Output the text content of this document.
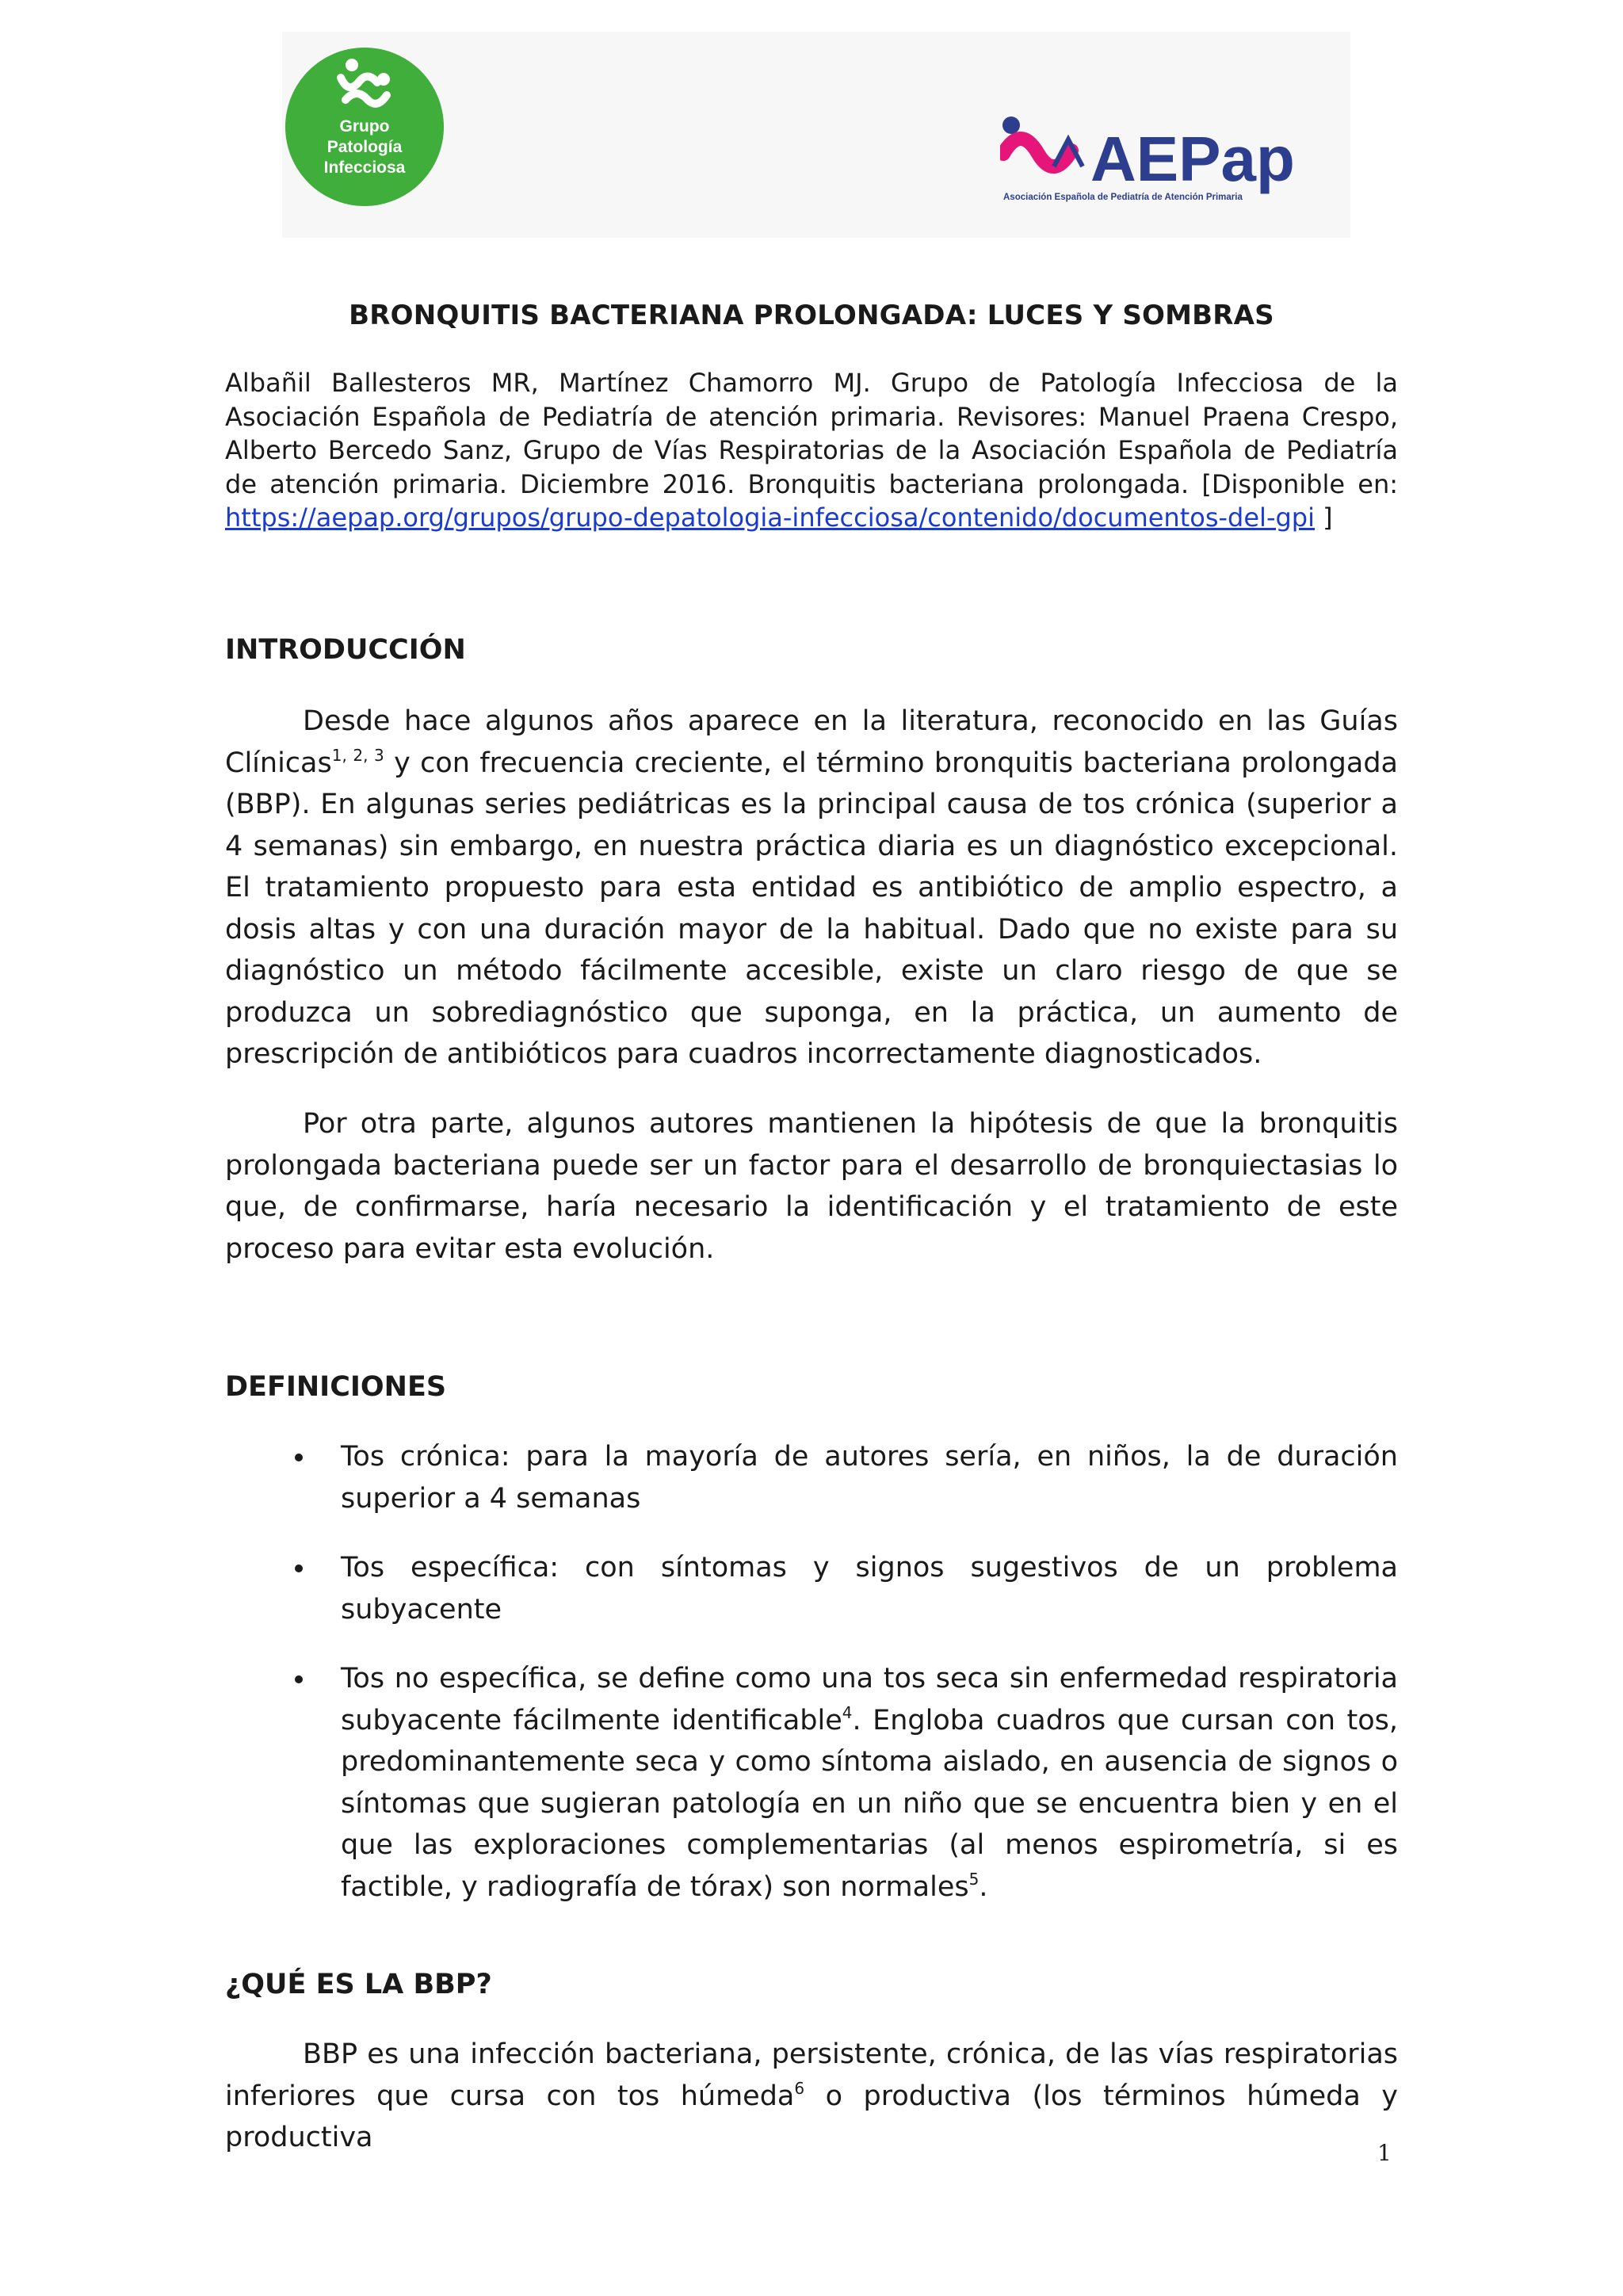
Grupo
Patología
Infecciosa	AEPap
Asociación Española de Pediatría de Atención Primaria
BRONQUITIS BACTERIANA PROLONGADA: LUCES Y SOMBRAS
Albañil Ballesteros MR, Martínez Chamorro MJ. Grupo de Patología Infecciosa de la Asociación Española de Pediatría de atención primaria. Revisores: Manuel Praena Crespo, Alberto Bercedo Sanz, Grupo de Vías Respiratorias de la Asociación Española de Pediatría de atención primaria. Diciembre 2016. Bronquitis bacteriana prolongada. [Disponible en: https://aepap.org/grupos/grupo-depatologia-infecciosa/contenido/documentos-del-gpi ]
INTRODUCCIÓN
Desde hace algunos años aparece en la literatura, reconocido en las Guías Clínicas$^{1, 2, 3}$ y con frecuencia creciente, el término bronquitis bacteriana prolongada (BBP). En algunas series pediátricas es la principal causa de tos crónica (superior a 4 semanas) sin embargo, en nuestra práctica diaria es un diagnóstico excepcional. El tratamiento propuesto para esta entidad es antibiótico de amplio espectro, a dosis altas y con una duración mayor de la habitual. Dado que no existe para su diagnóstico un método fácilmente accesible, existe un claro riesgo de que se produzca un sobrediagnóstico que suponga, en la práctica, un aumento de prescripción de antibióticos para cuadros incorrectamente diagnosticados.
Por otra parte, algunos autores mantienen la hipótesis de que la bronquitis prolongada bacteriana puede ser un factor para el desarrollo de bronquiectasias lo que, de confirmarse, haría necesario la identificación y el tratamiento de este proceso para evitar esta evolución.
DEFINICIONES
Tos crónica: para la mayoría de autores sería, en niños, la de duración superior a 4 semanas
Tos específica: con síntomas y signos sugestivos de un problema subyacente
Tos no específica, se define como una tos seca sin enfermedad respiratoria subyacente fácilmente identificable$^4$. Engloba cuadros que cursan con tos, predominantemente seca y como síntoma aislado, en ausencia de signos o síntomas que sugieran patología en un niño que se encuentra bien y en el que las exploraciones complementarias (al menos espirometría, si es factible, y radiografía de tórax) son normales$^5$.
¿QUÉ ES LA BBP?
BBP es una infección bacteriana, persistente, crónica, de las vías respiratorias inferiores que cursa con tos húmeda$^6$ o productiva (los términos húmeda y productiva	1
